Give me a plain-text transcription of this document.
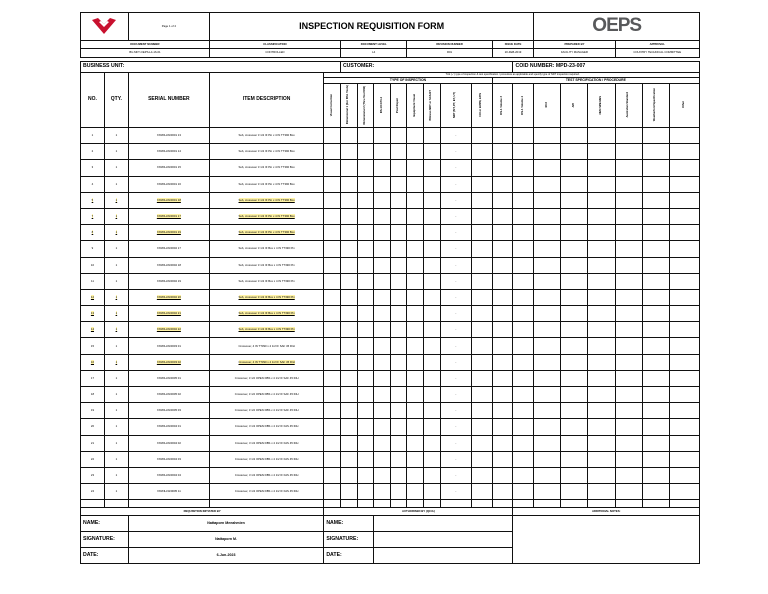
	Page 1 of 2	INSPECTION REQUISITION FORM												OEPS					
DOCUMENT NUMBER			CLASSIFICATION		DOCUMENT LEVEL				REVISION NUMBER				ISSUE DATE		PREPARED BY			APPROVAL		
BU-MFT-OEPS-L4-16-01			CONTROLLED		L4				R01				20-FEB-2019		FACILITY MANAGER			COUNTRY TECHNICAL COMMITTEE		

BUSINESS UNIT:					CUSTOMER:									COID NUMBER: MPD-23-007						
NO.	QTY.	SERIAL NUMBER	ITEM DESCRIPTION	Tick (✓) type of inspection & test specification / procedure as applicable and specify type of NDT inspection required.																
				TYPE OF INSPECTION									TEST SPECIFICATION / PROCEDURE							
				Visual Correction	Dimensional 1 (For Mfd. Tools)	Dimensional 2 (Thru Tool Mfd)	DS-1/CAT3-4	Post Repair	Equipment Visual	Witness NDT or SAS-NT	NDT (MT, PT, ET, UT)	COI or LMPD, LPIS	DS-1 Volume 3	DS-1 Volume 4	RC2	API	OEM SPEC/BS	Australian Standard	Weatherford Specification	Other
1	1	XXM/ILLW/0001 13	Sub, crossover 3 1/2 IF Pin x 4 IN TT390 Box								-									
2	1	XXM/ILLW/0001 14	Sub, crossover 3 1/2 IF Pin x 4 IN TT390 Box								-									
3	1	XXM/ILLW/0001 15	Sub, crossover 3 1/2 IF Pin x 4 IN TT390 Box								-									
4	1	XXM/ILLW/0001 16	Sub, crossover 3 1/2 IF Pin x 4 IN TT390 Box								-									
5	1	XXM/ILLW/0001 18	Sub, crossover 3 1/2 IF Pin x 4 IN TT390 Box								-									
7	1	XXM/ILLW/0001 17	Sub, crossover 3 1/2 IF Pin x 4 IN TT390 Box								-									
8	1	XXM/ILLW/0001 19	Sub, crossover 3 1/2 IF Pin x 4 IN TT390 Box								-									
9	1	XXM/ILLW/0002 17	Sub, crossover 3 1/2 IF Box x 4 IN TT390 Pin								-									
10	1	XXM/ILLW/0002 18	Sub, crossover 3 1/2 IF Box x 4 IN TT390 Pin								-									
11	1	XXM/ILLW/0002 19	Sub, crossover 3 1/2 IF Box x 4 IN TT390 Pin								-									
12	1	XXM/ILLW/0002 20	Sub, crossover 3 1/2 IF Box x 4 IN TT390 Pin								-									
13	1	XXM/ILLW/0002 21	Sub, crossover 3 1/2 IF Box x 4 IN TT390 Pin								-									
14	1	XXM/ILLW/0002 22	Sub, crossover 3 1/2 IF Box x 4 IN TT390 Pin								-									
15	1	XXM/ILLW/0003 01	Crossover, 4 IN TT390 x 4 1/2 IF SAF 45 IDH								-									
16	1	XXM/ILLW/0003 02	Crossover, 4 IN TT390 x 4 1/2 IF SAF 45 IDH								-									
17	1	XXM/ILLW/0005 01	Crossover, 3 1/2 OPEN DBS x 4 1/2 IF SAF 45 IDH								-									
18	1	XXM/ILLW/0005 02	Crossover, 3 1/2 OPEN DBS x 4 1/2 IF SAF 45 IDH								-									
19	1	XXM/ILLW/0005 03	Crossover, 3 1/2 OPEN DBS x 4 1/2 IF SAF 45 IDH								-									
20	1	XXM/ILLW/0004 01	Crossover, 3 1/2 OPEN DBS x 4 1/2 IF FAS 45 IDH								-									
21	1	XXM/ILLW/0004 02	Crossover, 3 1/2 OPEN DBS x 4 1/2 IF FAS 45 IDH								-									
22	1	XXM/ILLW/0004 03	Crossover, 3 1/2 OPEN DBS x 4 1/2 IF FAS 45 IDH								-									
23	1	XXM/ILLW/0004 04	Crossover, 3 1/2 OPEN DBS x 4 1/2 IF FAS 45 IDH								-									
24	1	XXM/ILLW/0005 11	Crossover, 3 1/2 OPEN DBS x 4 1/2 IF FAS 45 IDH								-									

REQUISITION INITIATED BY				AUTHORISED BY (QC/A)										ADDITIONAL NOTES:						
NAME:		Nattaporn Meeahmien		NAME:																
SIGNATURE:		Nattaporn M.		SIGNATURE:																
DATE:		6-Jun-2023		DATE:																
